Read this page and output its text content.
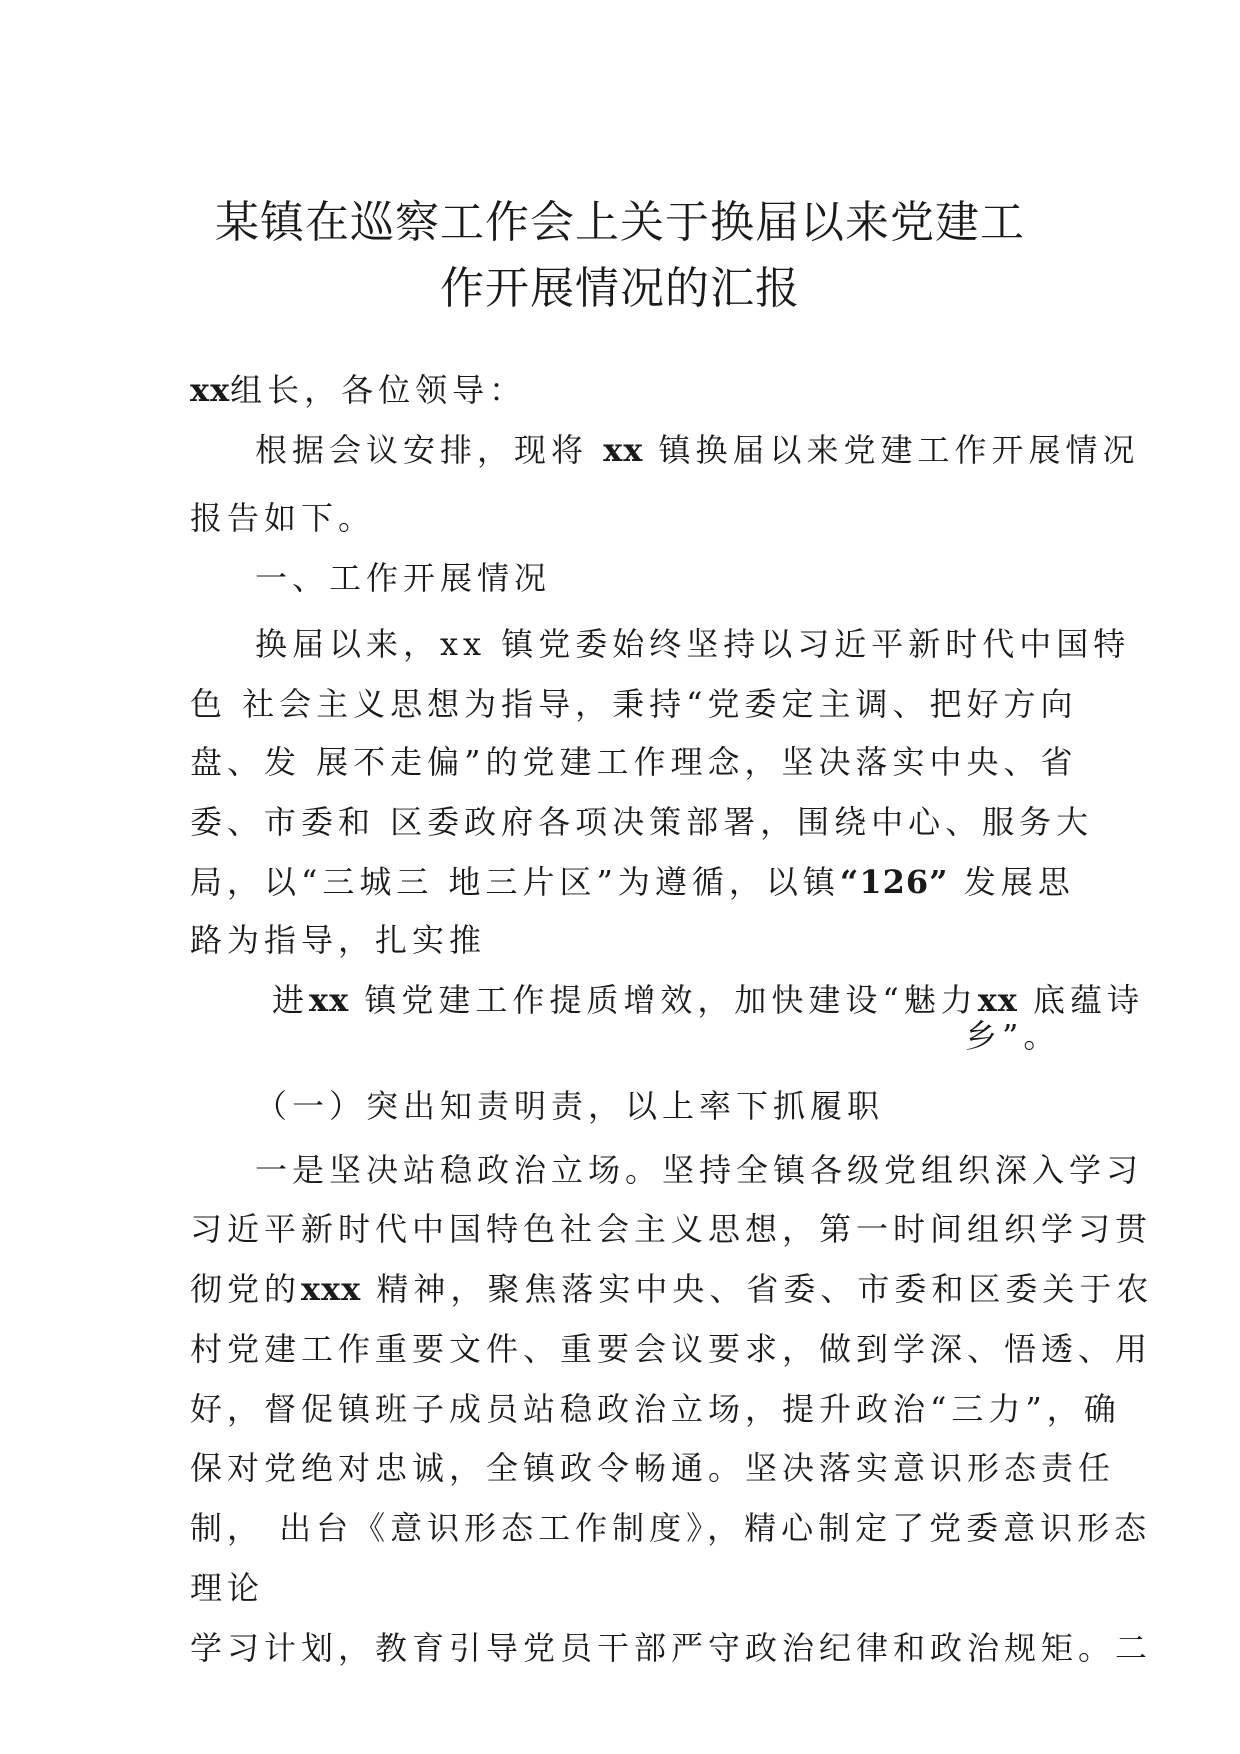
某镇在巡察工作会上关于换届以来党建工
作开展情况的汇报

xx组长，各位领导：

根据会议安排，现将 xx 镇换届以来党建工作开展情况

报告如下。

一、工作开展情况

换届以来，xx 镇党委始终坚持以习近平新时代中国特

色 社会主义思想为指导，秉持“党委定主调、把好方向

盘、发 展不走偏”的党建工作理念，坚决落实中央、省

委、市委和 区委政府各项决策部署，围绕中心、服务大

局，以“三城三 地三片区”为遵循，以镇“126” 发展思

路为指导，扎实推

进xx 镇党建工作提质增效，加快建设“魅力xx 底蕴诗

乡”。

（一）突出知责明责，以上率下抓履职

一是坚决站稳政治立场。坚持全镇各级党组织深入学习

习近平新时代中国特色社会主义思想，第一时间组织学习贯

彻党的xxx 精神，聚焦落实中央、省委、市委和区委关于农

村党建工作重要文件、重要会议要求，做到学深、悟透、用

好，督促镇班子成员站稳政治立场，提升政治“三力”，确

保对党绝对忠诚，全镇政令畅通。坚决落实意识形态责任

制， 出台《意识形态工作制度》，精心制定了党委意识形态

理论

学习计划，教育引导党员干部严守政治纪律和政治规矩。二
